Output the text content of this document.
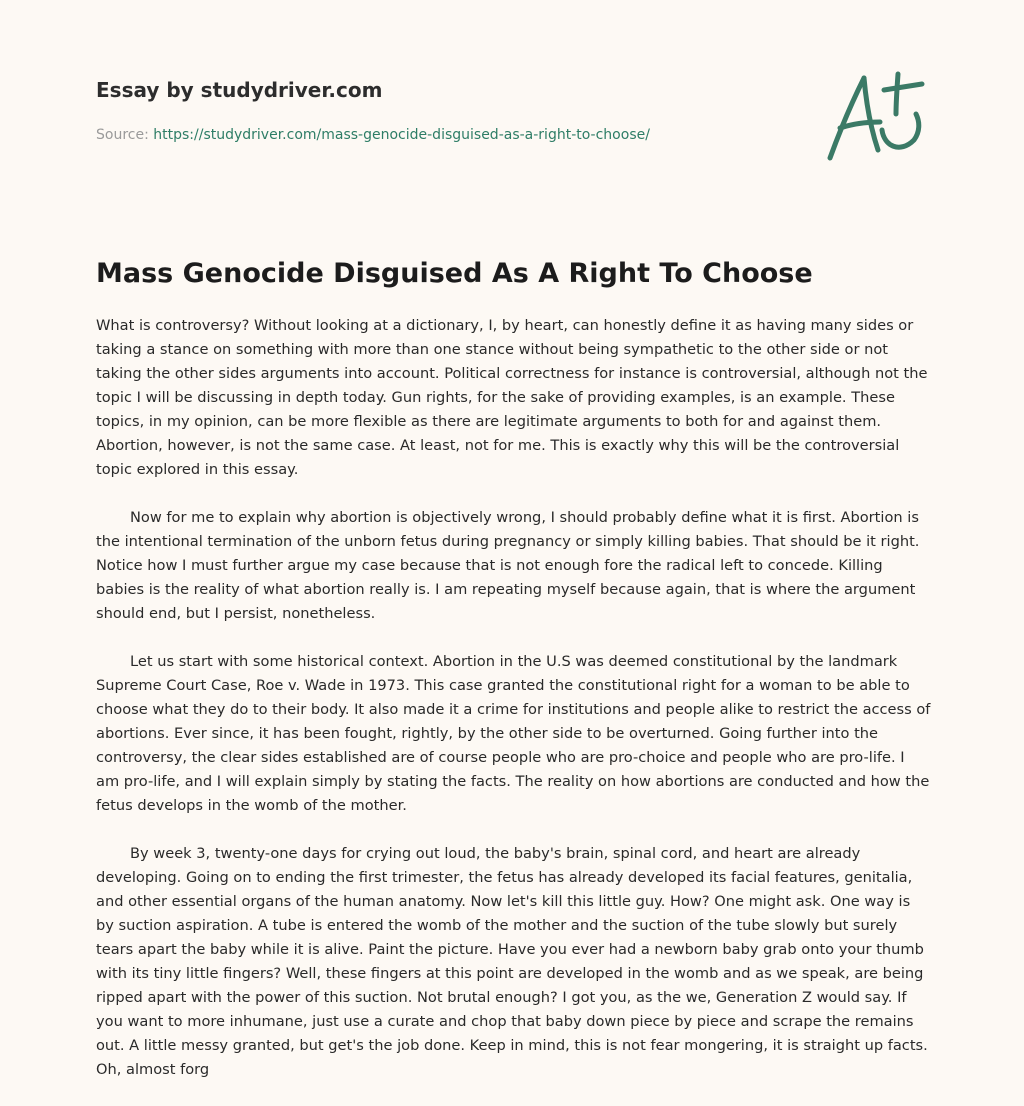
Essay by studydriver.com
Source: https://studydriver.com/mass-genocide-disguised-as-a-right-to-choose/
Mass Genocide Disguised As A Right To Choose

What is controversy? Without looking at a dictionary, I, by heart, can honestly define it as having many sides or taking a stance on something with more than one stance without being sympathetic to the other side or not taking the other sides arguments into account. Political correctness for instance is controversial, although not the topic I will be discussing in depth today. Gun rights, for the sake of providing examples, is an example. These topics, in my opinion, can be more flexible as there are legitimate arguments to both for and against them. Abortion, however, is not the same case. At least, not for me. This is exactly why this will be the controversial topic explored in this essay.

Now for me to explain why abortion is objectively wrong, I should probably define what it is first. Abortion is the intentional termination of the unborn fetus during pregnancy or simply killing babies. That should be it right. Notice how I must further argue my case because that is not enough fore the radical left to concede. Killing babies is the reality of what abortion really is. I am repeating myself because again, that is where the argument should end, but I persist, nonetheless.

Let us start with some historical context. Abortion in the U.S was deemed constitutional by the landmark Supreme Court Case, Roe v. Wade in 1973. This case granted the constitutional right for a woman to be able to choose what they do to their body. It also made it a crime for institutions and people alike to restrict the access of abortions. Ever since, it has been fought, rightly, by the other side to be overturned. Going further into the controversy, the clear sides established are of course people who are pro-choice and people who are pro-life. I am pro-life, and I will explain simply by stating the facts. The reality on how abortions are conducted and how the fetus develops in the womb of the mother.

By week 3, twenty-one days for crying out loud, the baby's brain, spinal cord, and heart are already developing. Going on to ending the first trimester, the fetus has already developed its facial features, genitalia, and other essential organs of the human anatomy. Now let's kill this little guy. How? One might ask. One way is by suction aspiration. A tube is entered the womb of the mother and the suction of the tube slowly but surely tears apart the baby while it is alive. Paint the picture. Have you ever had a newborn baby grab onto your thumb with its tiny little fingers? Well, these fingers at this point are developed in the womb and as we speak, are being ripped apart with the power of this suction. Not brutal enough? I got you, as the we, Generation Z would say. If you want to more inhumane, just use a curate and chop that baby down piece by piece and scrape the remains out. A little messy granted, but get's the job done. Keep in mind, this is not fear mongering, it is straight up facts. Oh, almost forg
